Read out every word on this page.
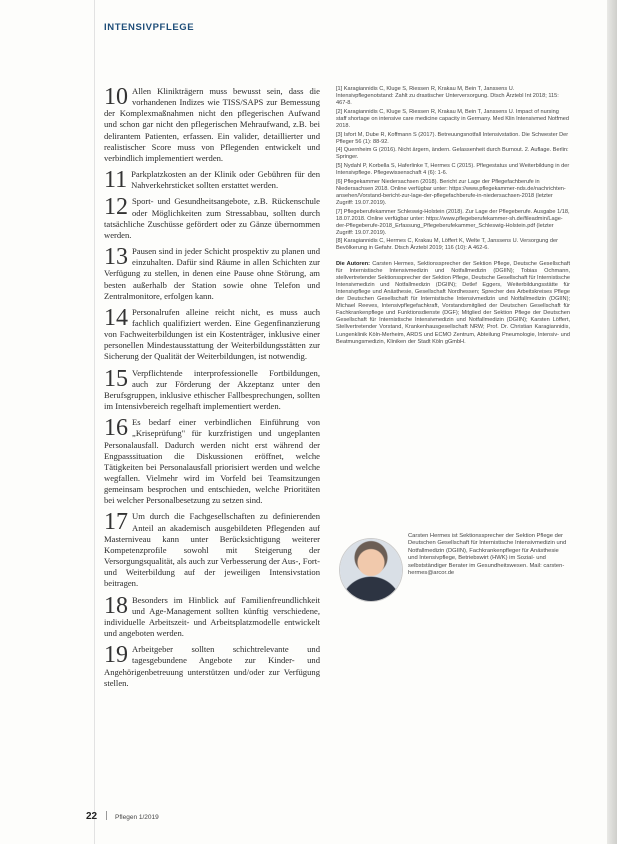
INTENSIVPFLEGE

10 Allen Klinikträgern muss bewusst sein, dass die vorhandenen Indizes wie TISS/SAPS zur Bemessung der Komplexmaßnahmen nicht den pflegerischen Aufwand und schon gar nicht den pflegerischen Mehraufwand, z.B. bei delirantem Patienten, erfassen. Ein valider, detaillierter und realistischer Score muss von Pflegenden entwickelt und verbindlich implementiert werden.

11 Parkplatzkosten an der Klinik oder Gebühren für den Nahverkehrsticket sollten erstattet werden.

12 Sport- und Gesundheitsangebote, z.B. Rückenschule oder Möglichkeiten zum Stressabbau, sollten durch tatsächliche Zuschüsse gefördert oder zu Gänze übernommen werden.

13 Pausen sind in jeder Schicht prospektiv zu planen und einzuhalten. Dafür sind Räume in allen Schichten zur Verfügung zu stellen, in denen eine Pause ohne Störung, am besten außerhalb der Station sowie ohne Telefon und Zentralmonitore, erfolgen kann.

14 Personalrufen alleine reicht nicht, es muss auch fachlich qualifiziert werden. Eine Gegenfinanzierung von Fachweiterbildungen ist ein Kostenträger, inklusive einer personellen Mindestausstattung der Weiterbildungsstätten zur Sicherung der Qualität der Weiterbildungen, ist notwendig.

15 Verpflichtende interprofessionelle Fortbildungen, auch zur Förderung der Akzeptanz unter den Berufsgruppen, inklusive ethischer Fallbesprechungen, sollten im Intensivbereich regelhaft implementiert werden.

16 Es bedarf einer verbindlichen Einführung von „Kriseprüfung" für kurzfristigen und ungeplanten Personalausfall. Dadurch werden nicht erst während der Engpasssituation die Diskussionen eröffnet, welche Tätigkeiten bei Personalausfall priorisiert werden und welche wegfallen. Vielmehr wird im Vorfeld bei Teamsitzungen gemeinsam besprochen und entschieden, welche Prioritäten bei welcher Personalbesetzung zu setzen sind.

17 Um durch die Fachgesellschaften zu definierenden Anteil an akademisch ausgebildeten Pflegenden auf Masterniveau kann unter Berücksichtigung weiterer Kompetenzprofile sowohl mit Steigerung der Versorgungsqualität, als auch zur Verbesserung der Aus-, Fort- und Weiterbildung auf der jeweiligen Intensivstation beitragen.

18 Besonders im Hinblick auf Familienfreundlichkeit und Age-Management sollten künftig verschiedene, individuelle Arbeitszeit- und Arbeitsplatzmodelle entwickelt und angeboten werden.

19 Arbeitgeber sollten schichtrelevante und tagesgebundene Angebote zur Kinder- und Angehörigenbetreuung unterstützen und/oder zur Verfügung stellen.

[1] Karagiannidis C, Kluge S, Riessen R, Krakau M, Bein T, Janssens U. Intensivpflegenotstand: Zahlt zu drastischer Unterversorgung. Dtsch Ärztebl Int 2018; 115: 467-8.
[2] Karagiannidis C, Kluge S, Riessen R, Krakau M, Bein T, Janssens U. Impact of nursing staff shortage on intensive care medicine capacity in Germany. Med Klin Intensivmed Notfmed 2018.
[3] Isfort M, Dube R, Koffmann S (2017). Betreuungsnotfall Intensivstation. Die Schwester Der Pfleger 56 (1): 88-92.
[4] Quernheim G (2016). Nicht ärgern, ändern. Gelassenheit durch Burnout. 2. Auflage. Berlin: Springer.
[5] Nydahl P, Korbella S, Haferlinke T, Hermes C (2015). Pflegestatus und Weiterbildung in der Intensivpflege. Pflegewissenschaft 4 (6): 1-6.
[6] Pflegekammer Niedersachsen (2018). Bericht zur Lage der Pflegefachberufe in Niedersachsen 2018. Online verfügbar unter: https://www.pflegekammer-nds.de/nachrichten-ansehen/Vorstand-bericht-zur-lage-der-pflegefachberufe-in-niedersachsen-2018 (letzter Zugriff: 19.07.2019).
[7] Pflegeberufekammer Schleswig-Holstein (2018). Zur Lage der Pflegeberufe. Ausgabe 1/18, 18.07.2018. Online verfügbar unter: https://www.pflegeberufekammer-sh.de/fileadmin/Lage-der-Pflegeberufe-2018_Erfassung_Pflegeberufekammer_Schleswig-Holstein.pdf (letzter Zugriff: 19.07.2019).
[8] Karagiannidis C, Hermes C, Krakau M, Löffert K, Welte T, Janssens U. Versorgung der Bevölkerung in Gefahr. Dtsch Ärztebl 2019; 116 (10): A 462-6.
Die Autoren: Carsten Hermes, Sektionssprecher der Sektion Pflege, Deutsche Gesellschaft für Internistische Intensivmedizin und Notfallmedizin (DGIIN); Tobias Ochmann, stellvertretender Sektionssprecher der Sektion Pflege, Deutsche Gesellschaft für Internistische Intensivmedizin und Notfallmedizin (DGIIN); Detlef Eggers, Weiterbildungsstätte für Intensivpflege und Anästhesie, Gesellschaft Nordhessen; Sprecher des Arbeitskreises Pflege der Deutschen Gesellschaft für Internistische Intensivmedizin und Notfallmedizin (DGIIN); Michael Reeves, Intensivpflegefachkraft, Vorstandsmitglied der Deutschen Gesellschaft für Fachkrankenpflege und Funktionsdienste (DGF); Mitglied der Sektion Pflege der Deutschen Gesellschaft für Internistische Intensivmedizin und Notfallmedizin (DGIIN); Karsten Löffert, Stellvertretender Vorstand, Krankenhausgesellschaft NRW; Prof. Dr. Christian Karagiannidis, Lungenklinik Köln-Merheim, ARDS und ECMO Zentrum, Abteilung Pneumologie, Intensiv- und Beatmungsmedizin, Kliniken der Stadt Köln gGmbH.
Carsten Hermes ist Sektionssprecher der Sektion Pflege der Deutschen Gesellschaft für Internistische Intensivmedizin und Notfallmedizin (DGIIN), Fachkrankenpfleger für Anästhesie und Intensivpflege, Betriebswirt (HWK) im Sozial- und selbstständiger Berater im Gesundheitswesen. Mail: carsten-hermes@arcor.de
22	Pflegen 1/2019
